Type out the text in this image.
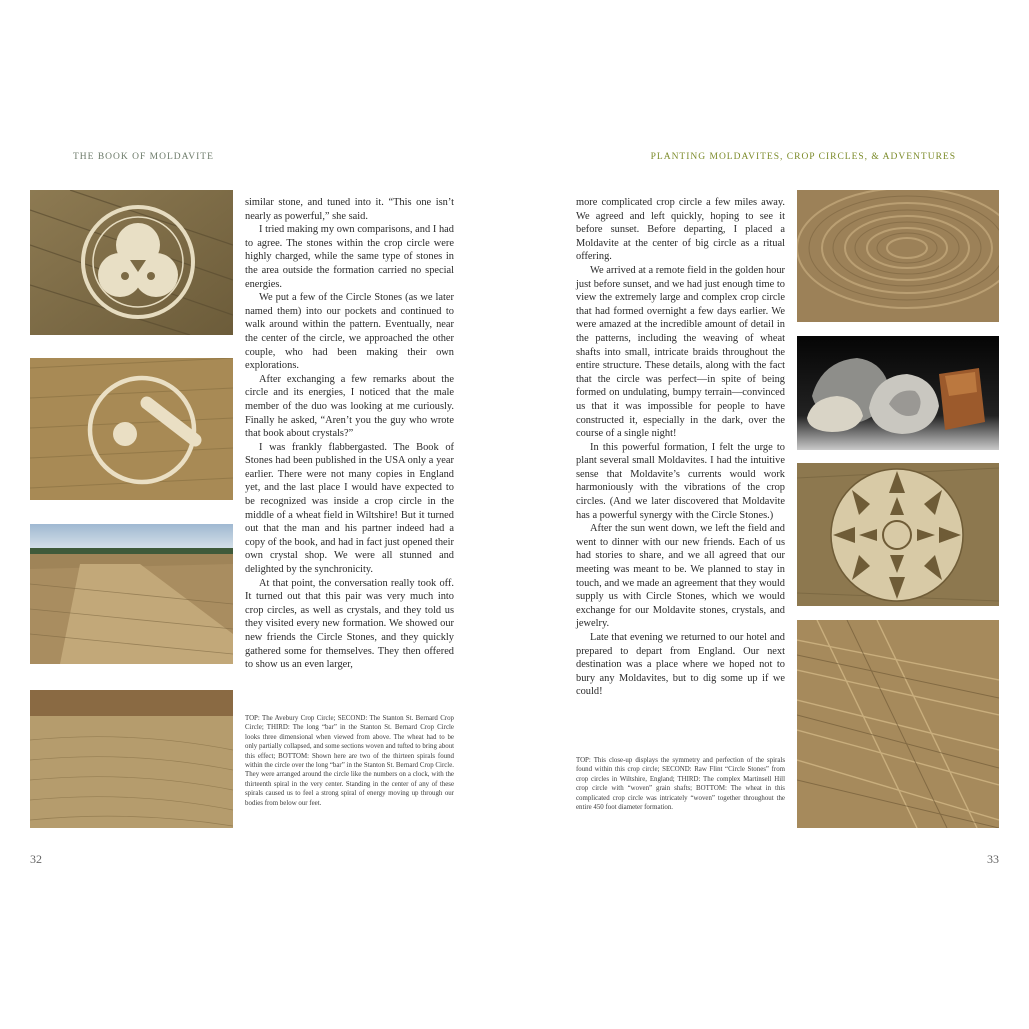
THE BOOK OF MOLDAVITE	PLANTING MOLDAVITES, CROP CIRCLES, & ADVENTURES

similar stone, and tuned into it. “This one isn’t nearly as powerful,” she said.

I tried making my own comparisons, and I had to agree. The stones within the crop circle were highly charged, while the same type of stones in the area outside the formation carried no special energies.

We put a few of the Circle Stones (as we later named them) into our pockets and continued to walk around within the pattern. Eventually, near the center of the circle, we approached the other couple, who had been making their own explorations.

After exchanging a few remarks about the circle and its energies, I noticed that the male member of the duo was looking at me curiously. Finally he asked, “Aren’t you the guy who wrote that book about crystals?”

I was frankly flabbergasted. The Book of Stones had been published in the USA only a year earlier. There were not many copies in England yet, and the last place I would have expected to be recognized was inside a crop circle in the middle of a wheat field in Wiltshire! But it turned out that the man and his partner indeed had a copy of the book, and had in fact just opened their own crystal shop. We were all stunned and delighted by the synchronicity.

At that point, the conversation really took off. It turned out that this pair was very much into crop circles, as well as crystals, and they told us they visited every new formation. We showed our new friends the Circle Stones, and they quickly gathered some for themselves. They then offered to show us an even larger,

TOP: The Avebury Crop Circle; SECOND: The Stanton St. Bernard Crop Circle; THIRD: The long “bar” in the Stanton St. Bernard Crop Circle looks three dimensional when viewed from above. The wheat had to be only partially collapsed, and some sections woven and tufted to bring about this effect; BOTTOM: Shown here are two of the thirteen spirals found within the circle over the long “bar” in the Stanton St. Bernard Crop Circle. They were arranged around the circle like the numbers on a clock, with the thirteenth spiral in the very center. Standing in the center of any of these spirals caused us to feel a strong spiral of energy moving up through our bodies from below our feet.
32

more complicated crop circle a few miles away. We agreed and left quickly, hoping to see it before sunset. Before departing, I placed a Moldavite at the center of big circle as a ritual offering.

We arrived at a remote field in the golden hour just before sunset, and we had just enough time to view the extremely large and complex crop circle that had formed overnight a few days earlier. We were amazed at the incredible amount of detail in the patterns, including the weaving of wheat shafts into small, intricate braids throughout the entire structure. These details, along with the fact that the circle was perfect—in spite of being formed on undulating, bumpy terrain—convinced us that it was impossible for people to have constructed it, especially in the dark, over the course of a single night!

In this powerful formation, I felt the urge to plant several small Moldavites. I had the intuitive sense that Moldavite’s currents would work harmoniously with the vibrations of the crop circles. (And we later discovered that Moldavite has a powerful synergy with the Circle Stones.)

After the sun went down, we left the field and went to dinner with our new friends. Each of us had stories to share, and we all agreed that our meeting was meant to be. We planned to stay in touch, and we made an agreement that they would supply us with Circle Stones, which we would exchange for our Moldavite stones, crystals, and jewelry.

Late that evening we returned to our hotel and prepared to depart from England. Our next destination was a place where we hoped not to bury any Moldavites, but to dig some up if we could!

TOP: This close-up displays the symmetry and perfection of the spirals found within this crop circle; SECOND: Raw Flint “Circle Stones” from crop circles in Wiltshire, England; THIRD: The complex Martinsell Hill crop circle with “woven” grain shafts; BOTTOM: The wheat in this complicated crop circle was intricately “woven” together throughout the entire 450 foot diameter formation.
33
